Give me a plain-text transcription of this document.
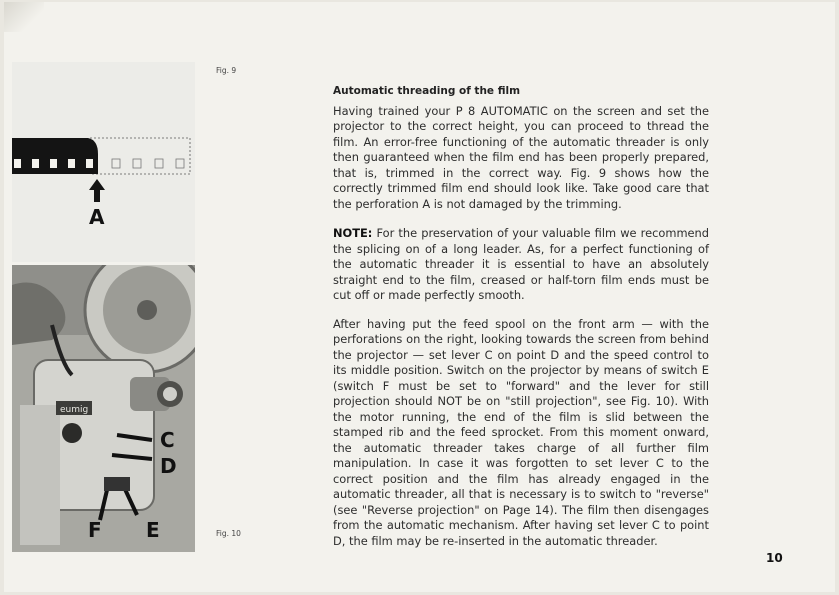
A
Fig. 9
eumig
C
D
F E	Fig. 10
Automatic threading of the film

Having trained your P 8 AUTOMATIC on the screen and set the projector to the correct height, you can proceed to thread the film. An error-free functioning of the automatic threader is only then guaranteed when the film end has been properly prepared, that is, trimmed in the correct way. Fig. 9 shows how the correctly trimmed film end should look like. Take good care that the perforation A is not damaged by the trimming.

NOTE: For the preservation of your valuable film we recommend the splicing on of a long leader. As, for a perfect functioning of the automatic threader it is essential to have an absolutely straight end to the film, creased or half-torn film ends must be cut off or made perfectly smooth.

After having put the feed spool on the front arm — with the perforations on the right, looking towards the screen from behind the projector — set lever C on point D and the speed control to its middle position. Switch on the projector by means of switch E (switch F must be set to "forward" and the lever for still projection should NOT be on "still projection", see Fig. 10). With the motor running, the end of the film is slid between the stamped rib and the feed sprocket. From this moment onward, the automatic threader takes charge of all further film manipulation. In case it was forgotten to set lever C to the correct position and the film has already engaged in the automatic threader, all that is necessary is to switch to "reverse" (see "Reverse projection" on Page 14). The film then disengages from the automatic mechanism. After having set lever C to point D, the film may be re-inserted in the automatic threader.

10
